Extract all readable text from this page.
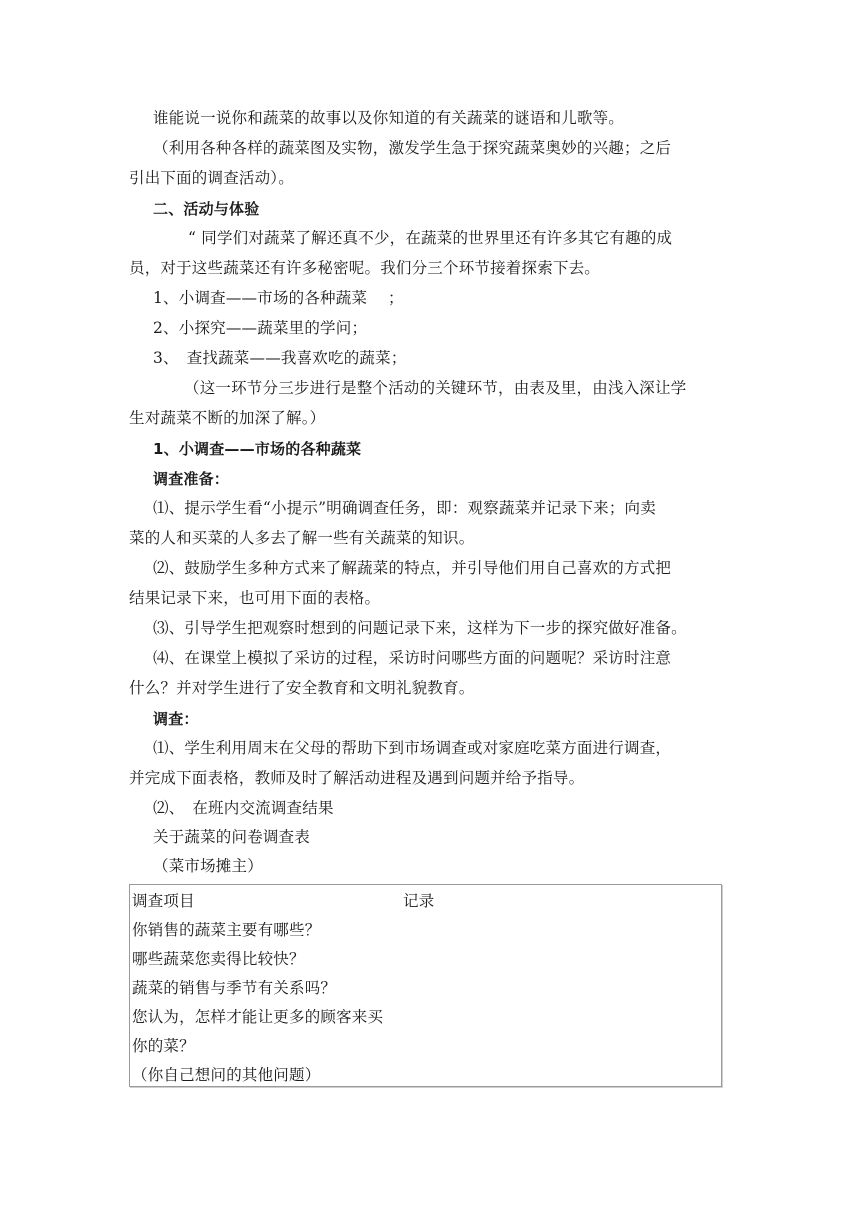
谁能说一说你和蔬菜的故事以及你知道的有关蔬菜的谜语和儿歌等。
（利用各种各样的蔬菜图及实物，激发学生急于探究蔬菜奥妙的兴趣；之后
引出下面的调查活动）。
二、活动与体验
“ 同学们对蔬菜了解还真不少，在蔬菜的世界里还有许多其它有趣的成
员，对于这些蔬菜还有许多秘密呢。我们分三个环节接着探索下去。
1、小调查——市场的各种蔬菜　 ；
2、小探究——蔬菜里的学问；
3、　查找蔬菜——我喜欢吃的蔬菜；
（这一环节分三步进行是整个活动的关键环节，由表及里，由浅入深让学
生对蔬菜不断的加深了解。）
1、小调查——市场的各种蔬菜
调查准备：
⑴、提示学生看“小提示”明确调查任务，即：观察蔬菜并记录下来；向卖
菜的人和买菜的人多去了解一些有关蔬菜的知识。
⑵、鼓励学生多种方式来了解蔬菜的特点，并引导他们用自己喜欢的方式把
结果记录下来，也可用下面的表格。
⑶、引导学生把观察时想到的问题记录下来，这样为下一步的探究做好准备。
⑷、在课堂上模拟了采访的过程，采访时问哪些方面的问题呢？采访时注意
什么？并对学生进行了安全教育和文明礼貌教育。
调查：
⑴、学生利用周末在父母的帮助下到市场调查或对家庭吃菜方面进行调查，
并完成下面表格，教师及时了解活动进程及遇到问题并给予指导。
⑵、　在班内交流调查结果
关于蔬菜的问卷调查表
（菜市场摊主）
调查项目	记录
你销售的蔬菜主要有哪些？
哪些蔬菜您卖得比较快？
蔬菜的销售与季节有关系吗？
您认为，怎样才能让更多的顾客来买
你的菜？
（你自己想问的其他问题）
